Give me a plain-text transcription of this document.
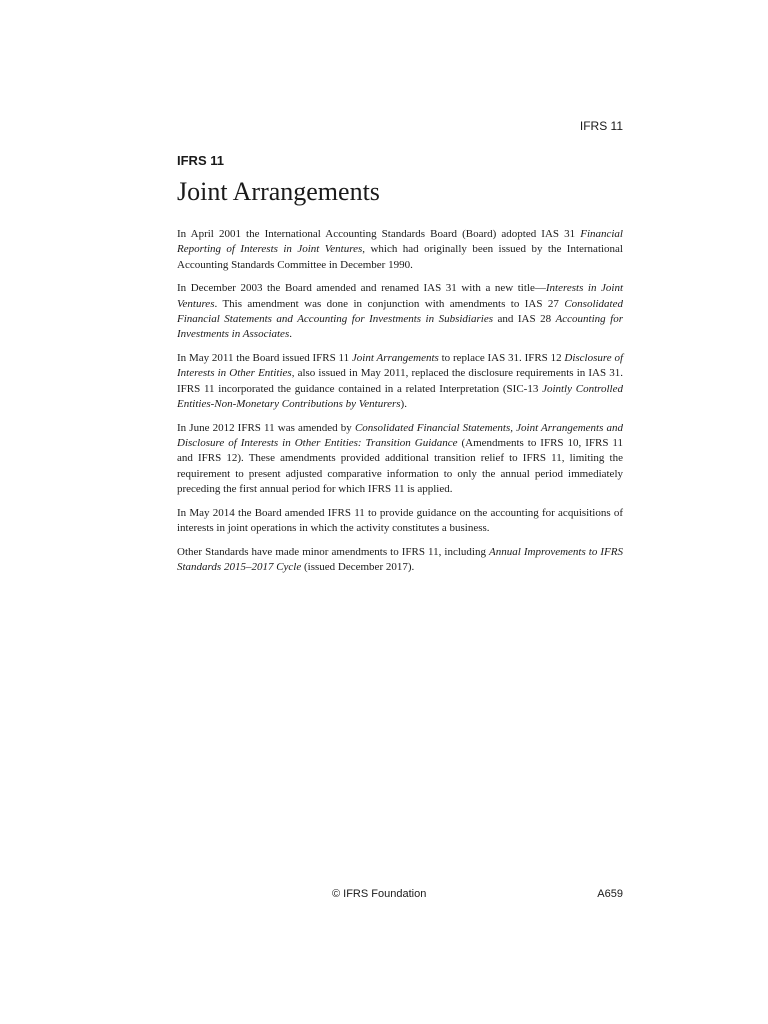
IFRS 11
IFRS 11
Joint Arrangements

In April 2001 the International Accounting Standards Board (Board) adopted IAS 31 Financial Reporting of Interests in Joint Ventures, which had originally been issued by the International Accounting Standards Committee in December 1990.

In December 2003 the Board amended and renamed IAS 31 with a new title—Interests in Joint Ventures. This amendment was done in conjunction with amendments to IAS 27 Consolidated Financial Statements and Accounting for Investments in Subsidiaries and IAS 28 Accounting for Investments in Associates.

In May 2011 the Board issued IFRS 11 Joint Arrangements to replace IAS 31. IFRS 12 Disclosure of Interests in Other Entities, also issued in May 2011, replaced the disclosure requirements in IAS 31. IFRS 11 incorporated the guidance contained in a related Interpretation (SIC-13 Jointly Controlled Entities-Non-Monetary Contributions by Venturers).

In June 2012 IFRS 11 was amended by Consolidated Financial Statements, Joint Arrangements and Disclosure of Interests in Other Entities: Transition Guidance (Amendments to IFRS 10, IFRS 11 and IFRS 12). These amendments provided additional transition relief to IFRS 11, limiting the requirement to present adjusted comparative information to only the annual period immediately preceding the first annual period for which IFRS 11 is applied.

In May 2014 the Board amended IFRS 11 to provide guidance on the accounting for acquisitions of interests in joint operations in which the activity constitutes a business.

Other Standards have made minor amendments to IFRS 11, including Annual Improvements to IFRS Standards 2015–2017 Cycle (issued December 2017).

© IFRS Foundation	A659
